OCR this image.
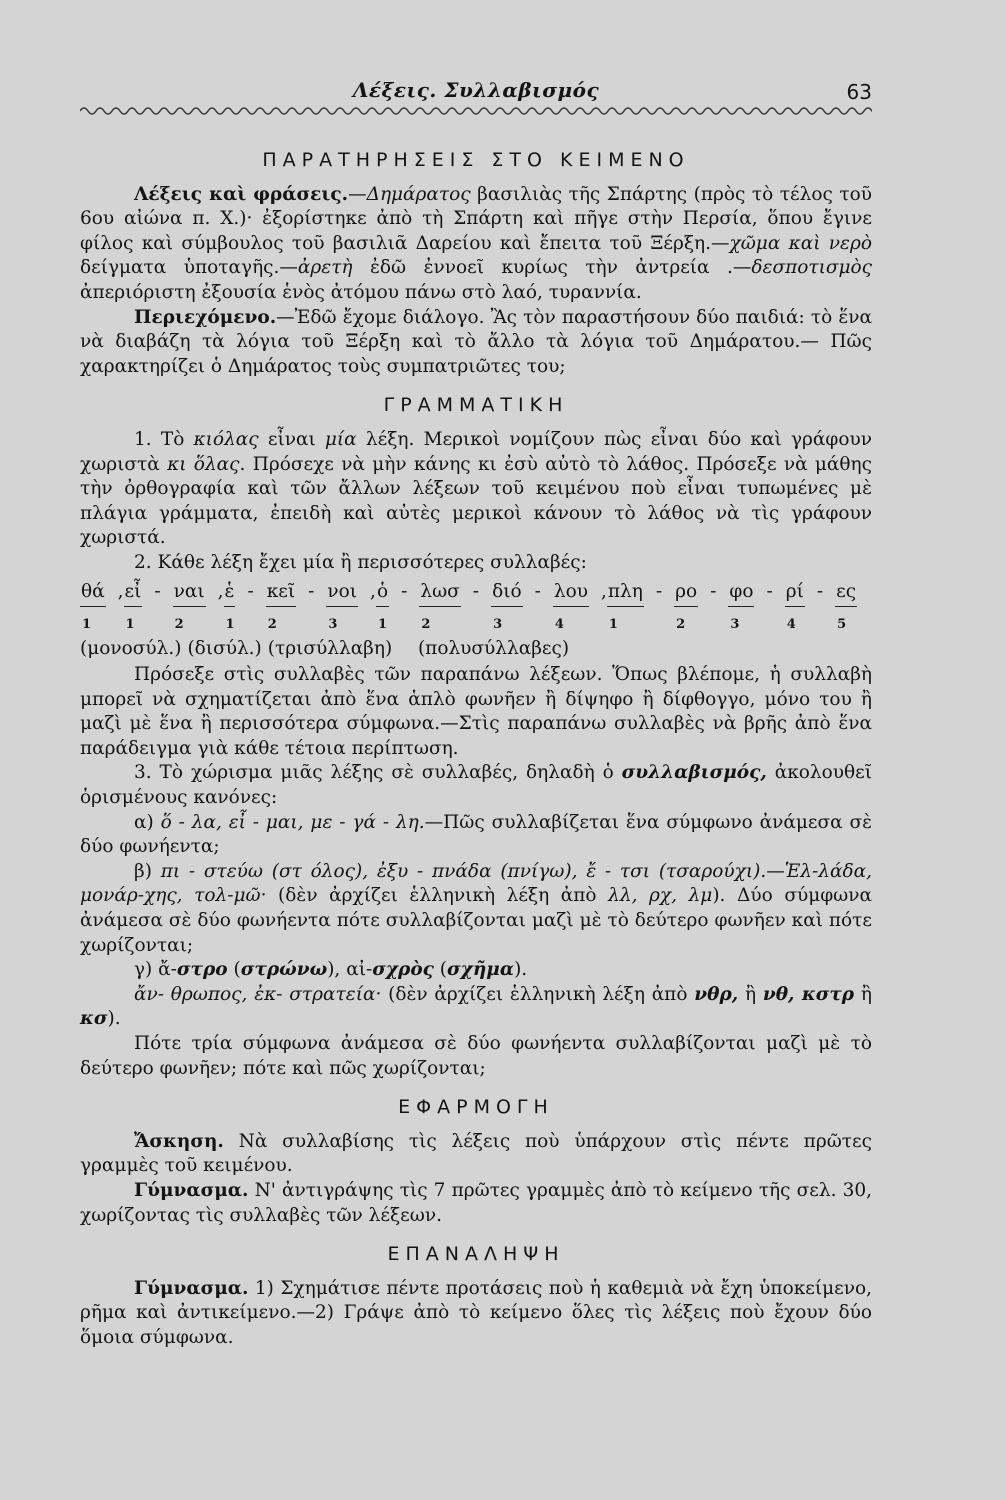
Λέξεις. Συλλαβισμός	63
ΠΑΡΑΤΗΡΗΣΕΙΣ ΣΤΟ ΚΕΙΜΕΝΟ

Λέξεις καὶ φράσεις.—Δημάρατος βασιλιὰς τῆς Σπάρτης (πρὸς τὸ τέλος τοῦ 6ου αἰώνα π. Χ.)· ἐξορίστηκε ἀπὸ τὴ Σπάρτη καὶ πῆγε στὴν Περσία, ὅπου ἔγινε φίλος καὶ σύμβουλος τοῦ βασιλιᾶ Δαρείου καὶ ἔπειτα τοῦ Ξέρξη.—χῶμα καὶ νερὸ δείγματα ὑποταγῆς.—ἀρετὴ ἐδῶ ἐννοεῖ κυρίως τὴν ἀντρεία .—δεσποτισμὸς ἀπεριόριστη ἐξουσία ἑνὸς ἀτόμου πάνω στὸ λαό, τυραννία.

Περιεχόμενο.—Ἐδῶ ἔχομε διάλογο. Ἂς τὸν παραστήσουν δύο παιδιά: τὸ ἕνα νὰ διαβάζη τὰ λόγια τοῦ Ξέρξη καὶ τὸ ἄλλο τὰ λόγια τοῦ Δημάρατου.— Πῶς χαρακτηρίζει ὁ Δημάρατος τοὺς συμπατριῶτες του;

ΓΡΑΜΜΑΤΙΚΗ

1. Τὸ κιόλας εἶναι μία λέξη. Μερικοὶ νομίζουν πὼς εἶναι δύο καὶ γράφουν χωριστὰ κι ὅλας. Πρόσεχε νὰ μὴν κάνης κι ἐσὺ αὐτὸ τὸ λάθος. Πρόσεξε νὰ μάθης τὴν ὀρθογραφία καὶ τῶν ἄλλων λέξεων τοῦ κειμένου ποὺ εἶναι τυπωμένες μὲ πλάγια γράμματα, ἐπειδὴ καὶ αὐτὲς μερικοὶ κάνουν τὸ λάθος νὰ τὶς γράφουν χωριστά.

2. Κάθε λέξη ἔχει μία ἢ περισσότερες συλλαβές:

θά , εἶ - ναι , ἑ - κεῖ - νοι , ὁ - λωσ - διό - λου , πλη - ρο - φο - ρί - ες
1	1	2	1	2	3	1	2	3	4	1	2	3	4	5
(μονοσύλ.) (δισύλ.) (τρισύλλαβη) (πολυσύλλαβες)

Πρόσεξε στὶς συλλαβὲς τῶν παραπάνω λέξεων. Ὅπως βλέπομε, ἡ συλλαβὴ μπορεῖ νὰ σχηματίζεται ἀπὸ ἕνα ἁπλὸ φωνῆεν ἢ δίψηφο ἢ δίφθογγο, μόνο του ἢ μαζὶ μὲ ἕνα ἢ περισσότερα σύμφωνα.—Στὶς παραπάνω συλλαβὲς νὰ βρῆς ἀπὸ ἕνα παράδειγμα γιὰ κάθε τέτοια περίπτωση.

3. Τὸ χώρισμα μιᾶς λέξης σὲ συλλαβές, δηλαδὴ ὁ συλλαβισμός, ἀκολουθεῖ ὁρισμένους κανόνες:

α) ὅ - λα, εἶ - μαι, με - γά - λη.—Πῶς συλλαβίζεται ἕνα σύμφωνο ἀνάμεσα σὲ δύο φωνήεντα;

β) πι - στεύω (στ όλος), ἐξυ - πνάδα (πνίγω), ἔ - τσι (τσαρούχι).—Ἑλ-λάδα, μονάρ-χης, τολ-μῶ· (δὲν ἀρχίζει ἑλληνικὴ λέξη ἀπὸ λλ, ρχ, λμ). Δύο σύμφωνα ἀνάμεσα σὲ δύο φωνήεντα πότε συλλαβίζονται μαζὶ μὲ τὸ δεύτερο φωνῆεν καὶ πότε χωρίζονται;

γ) ἄ-στρο (στρώνω), αἰ-σχρὸς (σχῆμα).

ἄν- θρωπος, ἐκ- στρατεία· (δὲν ἀρχίζει ἑλληνικὴ λέξη ἀπὸ νθρ, ἢ νθ, κστρ ἢ κσ).

Πότε τρία σύμφωνα ἀνάμεσα σὲ δύο φωνήεντα συλλαβίζονται μαζὶ μὲ τὸ δεύτερο φωνῆεν; πότε καὶ πῶς χωρίζονται;

ΕΦΑΡΜΟΓΗ

Ἄσκηση. Νὰ συλλαβίσης τὶς λέξεις ποὺ ὑπάρχουν στὶς πέντε πρῶτες γραμμὲς τοῦ κειμένου.

Γύμνασμα. Ν' ἀντιγράψης τὶς 7 πρῶτες γραμμὲς ἀπὸ τὸ κείμενο τῆς σελ. 30, χωρίζοντας τὶς συλλαβὲς τῶν λέξεων.

ΕΠΑΝΑΛΗΨΗ

Γύμνασμα. 1) Σχημάτισε πέντε προτάσεις ποὺ ἡ καθεμιὰ νὰ ἔχη ὑποκείμενο, ρῆμα καὶ ἀντικείμενο.—2) Γράψε ἀπὸ τὸ κείμενο ὅλες τὶς λέξεις ποὺ ἔχουν δύο ὅμοια σύμφωνα.
